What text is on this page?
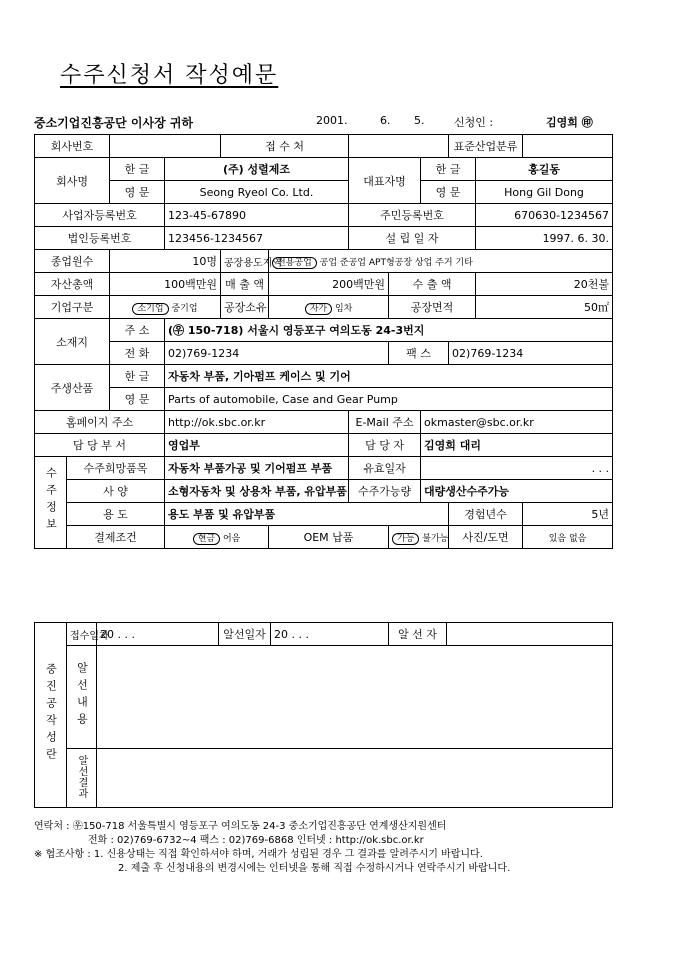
수주신청서 작성예문
중소기업진흥공단 이사장 귀하	2001.	6. 5.	신청인 :	김영희 ㊞
회사번호				접 수 처					표준산업분류		
회사명		한 글	(주) 성렬제조			대표자명		한 글		홍길동	
		영 문	Seong Ryeol Co. Ltd.					영 문		Hong Gil Dong	
사업자등록번호			123-45-67890			주민등록번호				670630-1234567	
법인등록번호			123456-1234567			설 립 일 자				1997. 6. 30.	
종업원수		10명		공장용도지역	전용공업 공업 준공업 APT형공장 상업 주거 기타						
자산총액		100백만원		매 출 액	200백만원		수 출 액			20천불	
기업구분		소기업 중기업		공장소유	자가 임차		공장면적			50㎡	
소재지		주 소	(㉾ 150-718) 서울시 영등포구 여의도동 24-3번지								
		전 화	02)769-1234				팩 스		02)769-1234		
주생산품		한 글	자동차 부품, 기아펌프 케이스 및 기어								
		영 문	Parts of automobile, Case and Gear Pump								
홈페이지 주소			http://ok.sbc.or.kr			E-Mail 주소		okmaster@sbc.or.kr			
담 당 부 서			영업부			담 당 자		김영희 대리			
수주정보	수주희망품목		자동차 부품가공 및 기어펌프 부품			유효일자		. . .			
	사 양		소형자동차 및 상용차 부품, 유압부품			수주가능량		대량생산수주가능			
	용 도		용도 부품 및 유압부품						경험년수		5년
	결제조건		현금 어음		OEM 납품		가능 불가능		사진/도면		있음 없음
중진공작성란	접수일자	20 . . .	알선일자	20 . . .	알 선 자	
	알선내용					
	알선결과					
연락처 : ㉾150-718 서울특별시 영등포구 여의도동 24-3 중소기업진흥공단 연계생산지원센터
전화 : 02)769-6732~4 팩스 : 02)769-6868 인터넷 : http://ok.sbc.or.kr
※ 협조사항 : 1. 신용상태는 직접 확인하셔야 하며, 거래가 성립된 경우 그 결과를 알려주시기 바랍니다.
2. 제출 후 신청내용의 변경시에는 인터넷을 통해 직접 수정하시거나 연락주시기 바랍니다.
